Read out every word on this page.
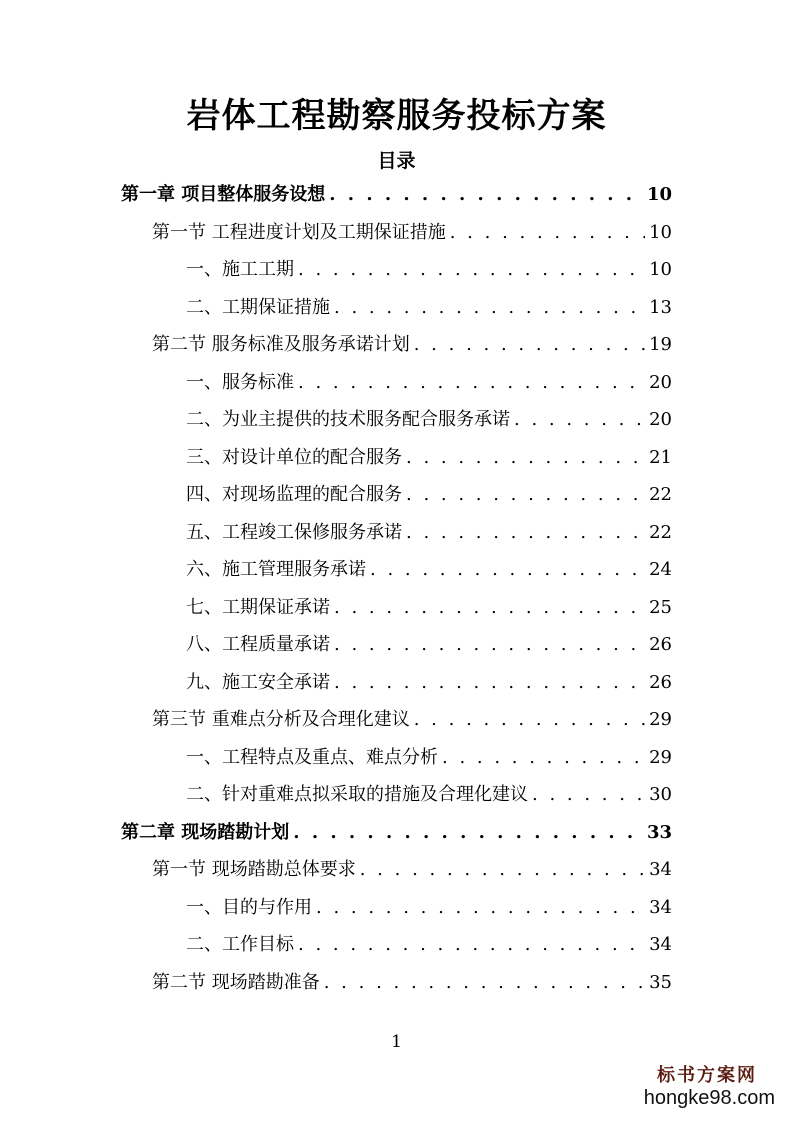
岩体工程勘察服务投标方案
目录
第一章 项目整体服务设想 . . .	10
第一节 工程进度计划及工期保证措施 . . .	10
一、施工工期 . . .	10
二、工期保证措施 . . .	13
第二节 服务标准及服务承诺计划 . . .	19
一、服务标准 . . .	20
二、为业主提供的技术服务配合服务承诺 . . .	20
三、对设计单位的配合服务 . . .	21
四、对现场监理的配合服务 . . .	22
五、工程竣工保修服务承诺 . . .	22
六、施工管理服务承诺 . . .	24
七、工期保证承诺 . . .	25
八、工程质量承诺 . . .	26
九、施工安全承诺 . . .	26
第三节 重难点分析及合理化建议 . . .	29
一、工程特点及重点、难点分析 . . .	29
二、针对重难点拟采取的措施及合理化建议 . . .	30
第二章 现场踏勘计划 . . .	33
第一节 现场踏勘总体要求 . . .	34
一、目的与作用 . . .	34
二、工作目标 . . .	34
第二节 现场踏勘准备 . . .	35
1
标书方案网
hongke98.com
